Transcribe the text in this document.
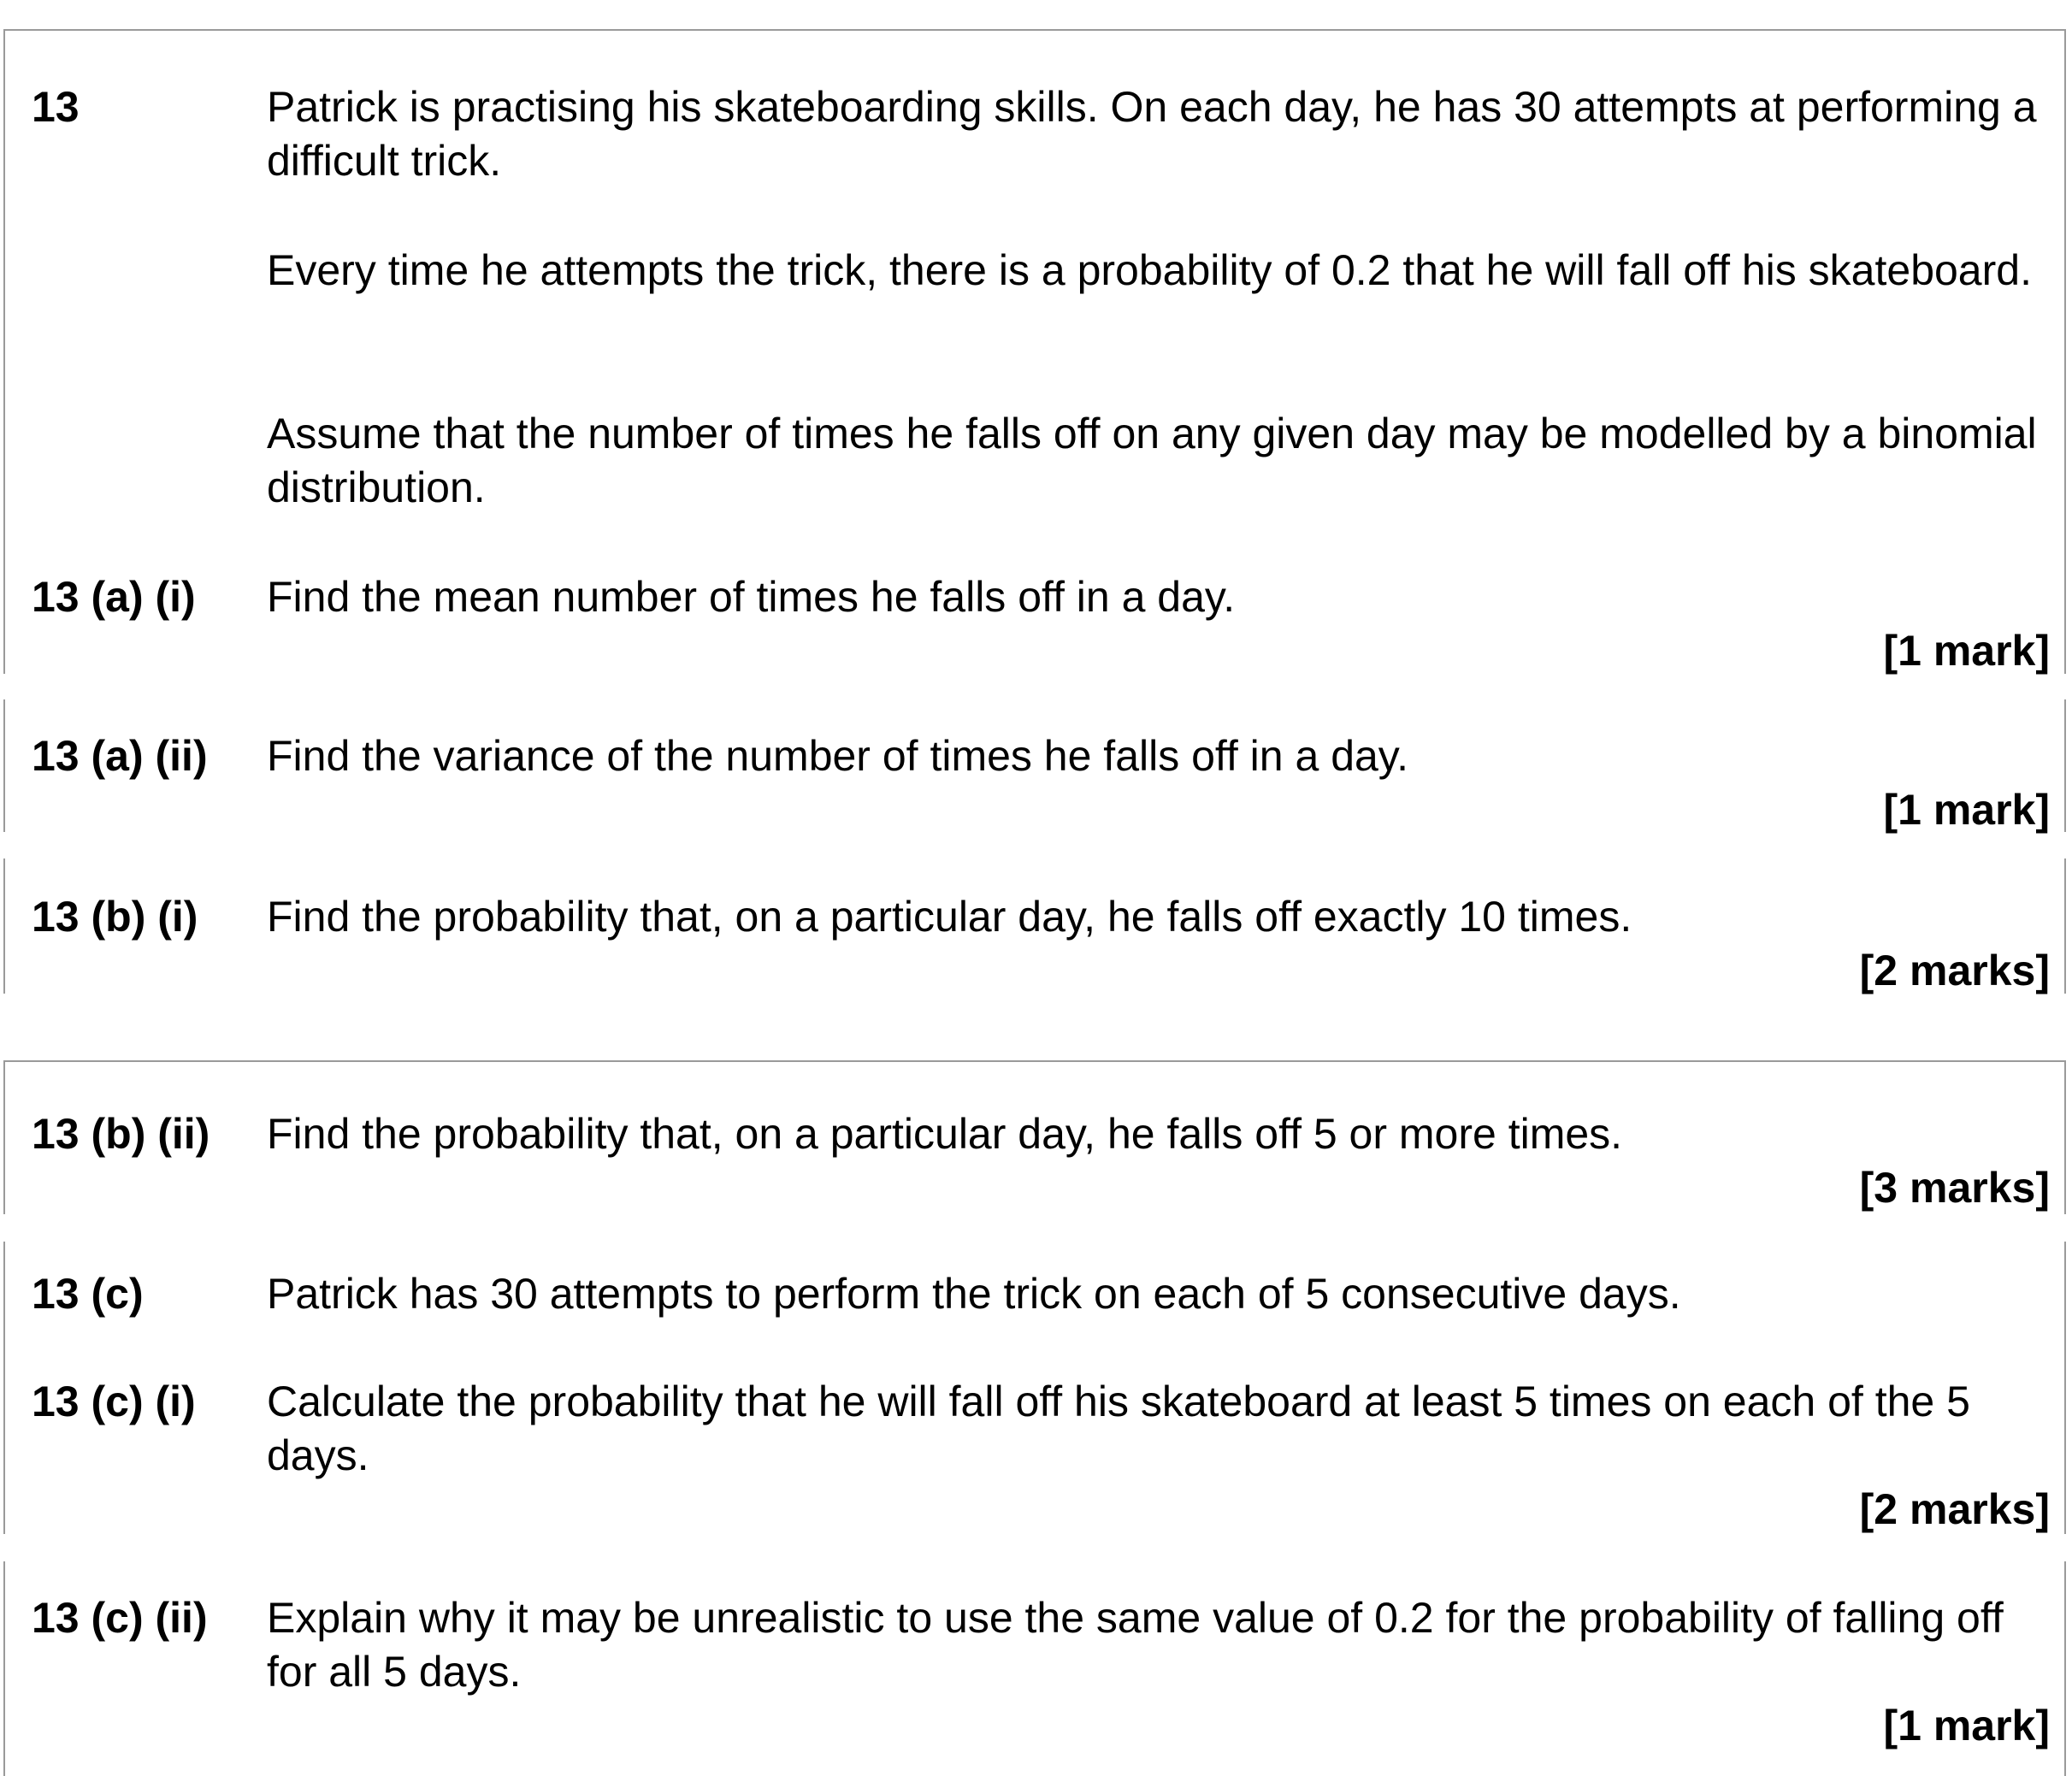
13	Patrick is practising his skateboarding skills. On each day, he has 30 attempts at performing a difficult trick.
Every time he attempts the trick, there is a probability of 0.2 that he will fall off his skateboard.
Assume that the number of times he falls off on any given day may be modelled by a binomial distribution.
13 (a) (i) Find the mean number of times he falls off in a day.
[1 mark]
13 (a) (ii) Find the variance of the number of times he falls off in a day.
[1 mark]
13 (b) (i) Find the probability that, on a particular day, he falls off exactly 10 times.
[2 marks]
13 (b) (ii) Find the probability that, on a particular day, he falls off 5 or more times.
[3 marks]
13 (c)	Patrick has 30 attempts to perform the trick on each of 5 consecutive days.
13 (c) (i) Calculate the probability that he will fall off his skateboard at least 5 times on each of the 5 days.
[2 marks]
13 (c) (ii) Explain why it may be unrealistic to use the same value of 0.2 for the probability of falling off for all 5 days.
[1 mark]
